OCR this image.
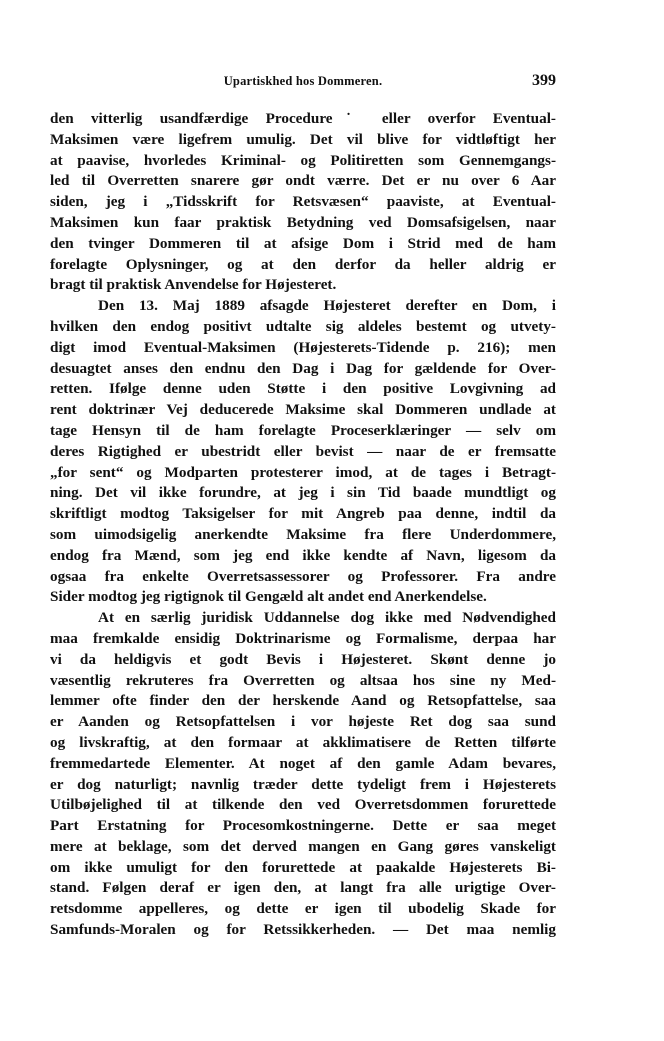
Upartiskhed hos Dommeren.	399
den vitterlig usandfærdige Procedure˙ eller overfor Eventual-
Maksimen være ligefrem umulig. Det vil blive for vidtløftigt her
at paavise, hvorledes Kriminal- og Politiretten som Gennemgangs-
led til Overretten snarere gør ondt værre. Det er nu over 6 Aar
siden, jeg i „Tidsskrift for Retsvæsen“ paaviste, at Eventual-
Maksimen kun faar praktisk Betydning ved Domsafsigelsen, naar
den tvinger Dommeren til at afsige Dom i Strid med de ham
forelagte Oplysninger, og at den derfor da heller aldrig er
bragt til praktisk Anvendelse for Højesteret.
Den 13. Maj 1889 afsagde Højesteret derefter en Dom, i
hvilken den endog positivt udtalte sig aldeles bestemt og utvety-
digt imod Eventual-Maksimen (Højesterets-Tidende p. 216); men
desuagtet anses den endnu den Dag i Dag for gældende for Over-
retten. Ifølge denne uden Støtte i den positive Lovgivning ad
rent doktrinær Vej deducerede Maksime skal Dommeren undlade at
tage Hensyn til de ham forelagte Proceserklæringer — selv om
deres Rigtighed er ubestridt eller bevist — naar de er fremsatte
„for sent“ og Modparten protesterer imod, at de tages i Betragt-
ning. Det vil ikke forundre, at jeg i sin Tid baade mundtligt og
skriftligt modtog Taksigelser for mit Angreb paa denne, indtil da
som uimodsigelig anerkendte Maksime fra flere Underdommere,
endog fra Mænd, som jeg end ikke kendte af Navn, ligesom da
ogsaa fra enkelte Overretsassessorer og Professorer. Fra andre
Sider modtog jeg rigtignok til Gengæld alt andet end Anerkendelse.
At en særlig juridisk Uddannelse dog ikke med Nødvendighed
maa fremkalde ensidig Doktrinarisme og Formalisme, derpaa har
vi da heldigvis et godt Bevis i Højesteret. Skønt denne jo
væsentlig rekruteres fra Overretten og altsaa hos sine ny Med-
lemmer ofte finder den der herskende Aand og Retsopfattelse, saa
er Aanden og Retsopfattelsen i vor højeste Ret dog saa sund
og livskraftig, at den formaar at akklimatisere de Retten tilførte
fremmedartede Elementer. At noget af den gamle Adam bevares,
er dog naturligt; navnlig træder dette tydeligt frem i Højesterets
Utilbøjelighed til at tilkende den ved Overretsdommen forurettede
Part Erstatning for Procesomkostningerne. Dette er saa meget
mere at beklage, som det derved mangen en Gang gøres vanskeligt
om ikke umuligt for den forurettede at paakalde Højesterets Bi-
stand. Følgen deraf er igen den, at langt fra alle urigtige Over-
retsdomme appelleres, og dette er igen til ubodelig Skade for
Samfunds-Moralen og for Retssikkerheden. — Det maa nemlig
